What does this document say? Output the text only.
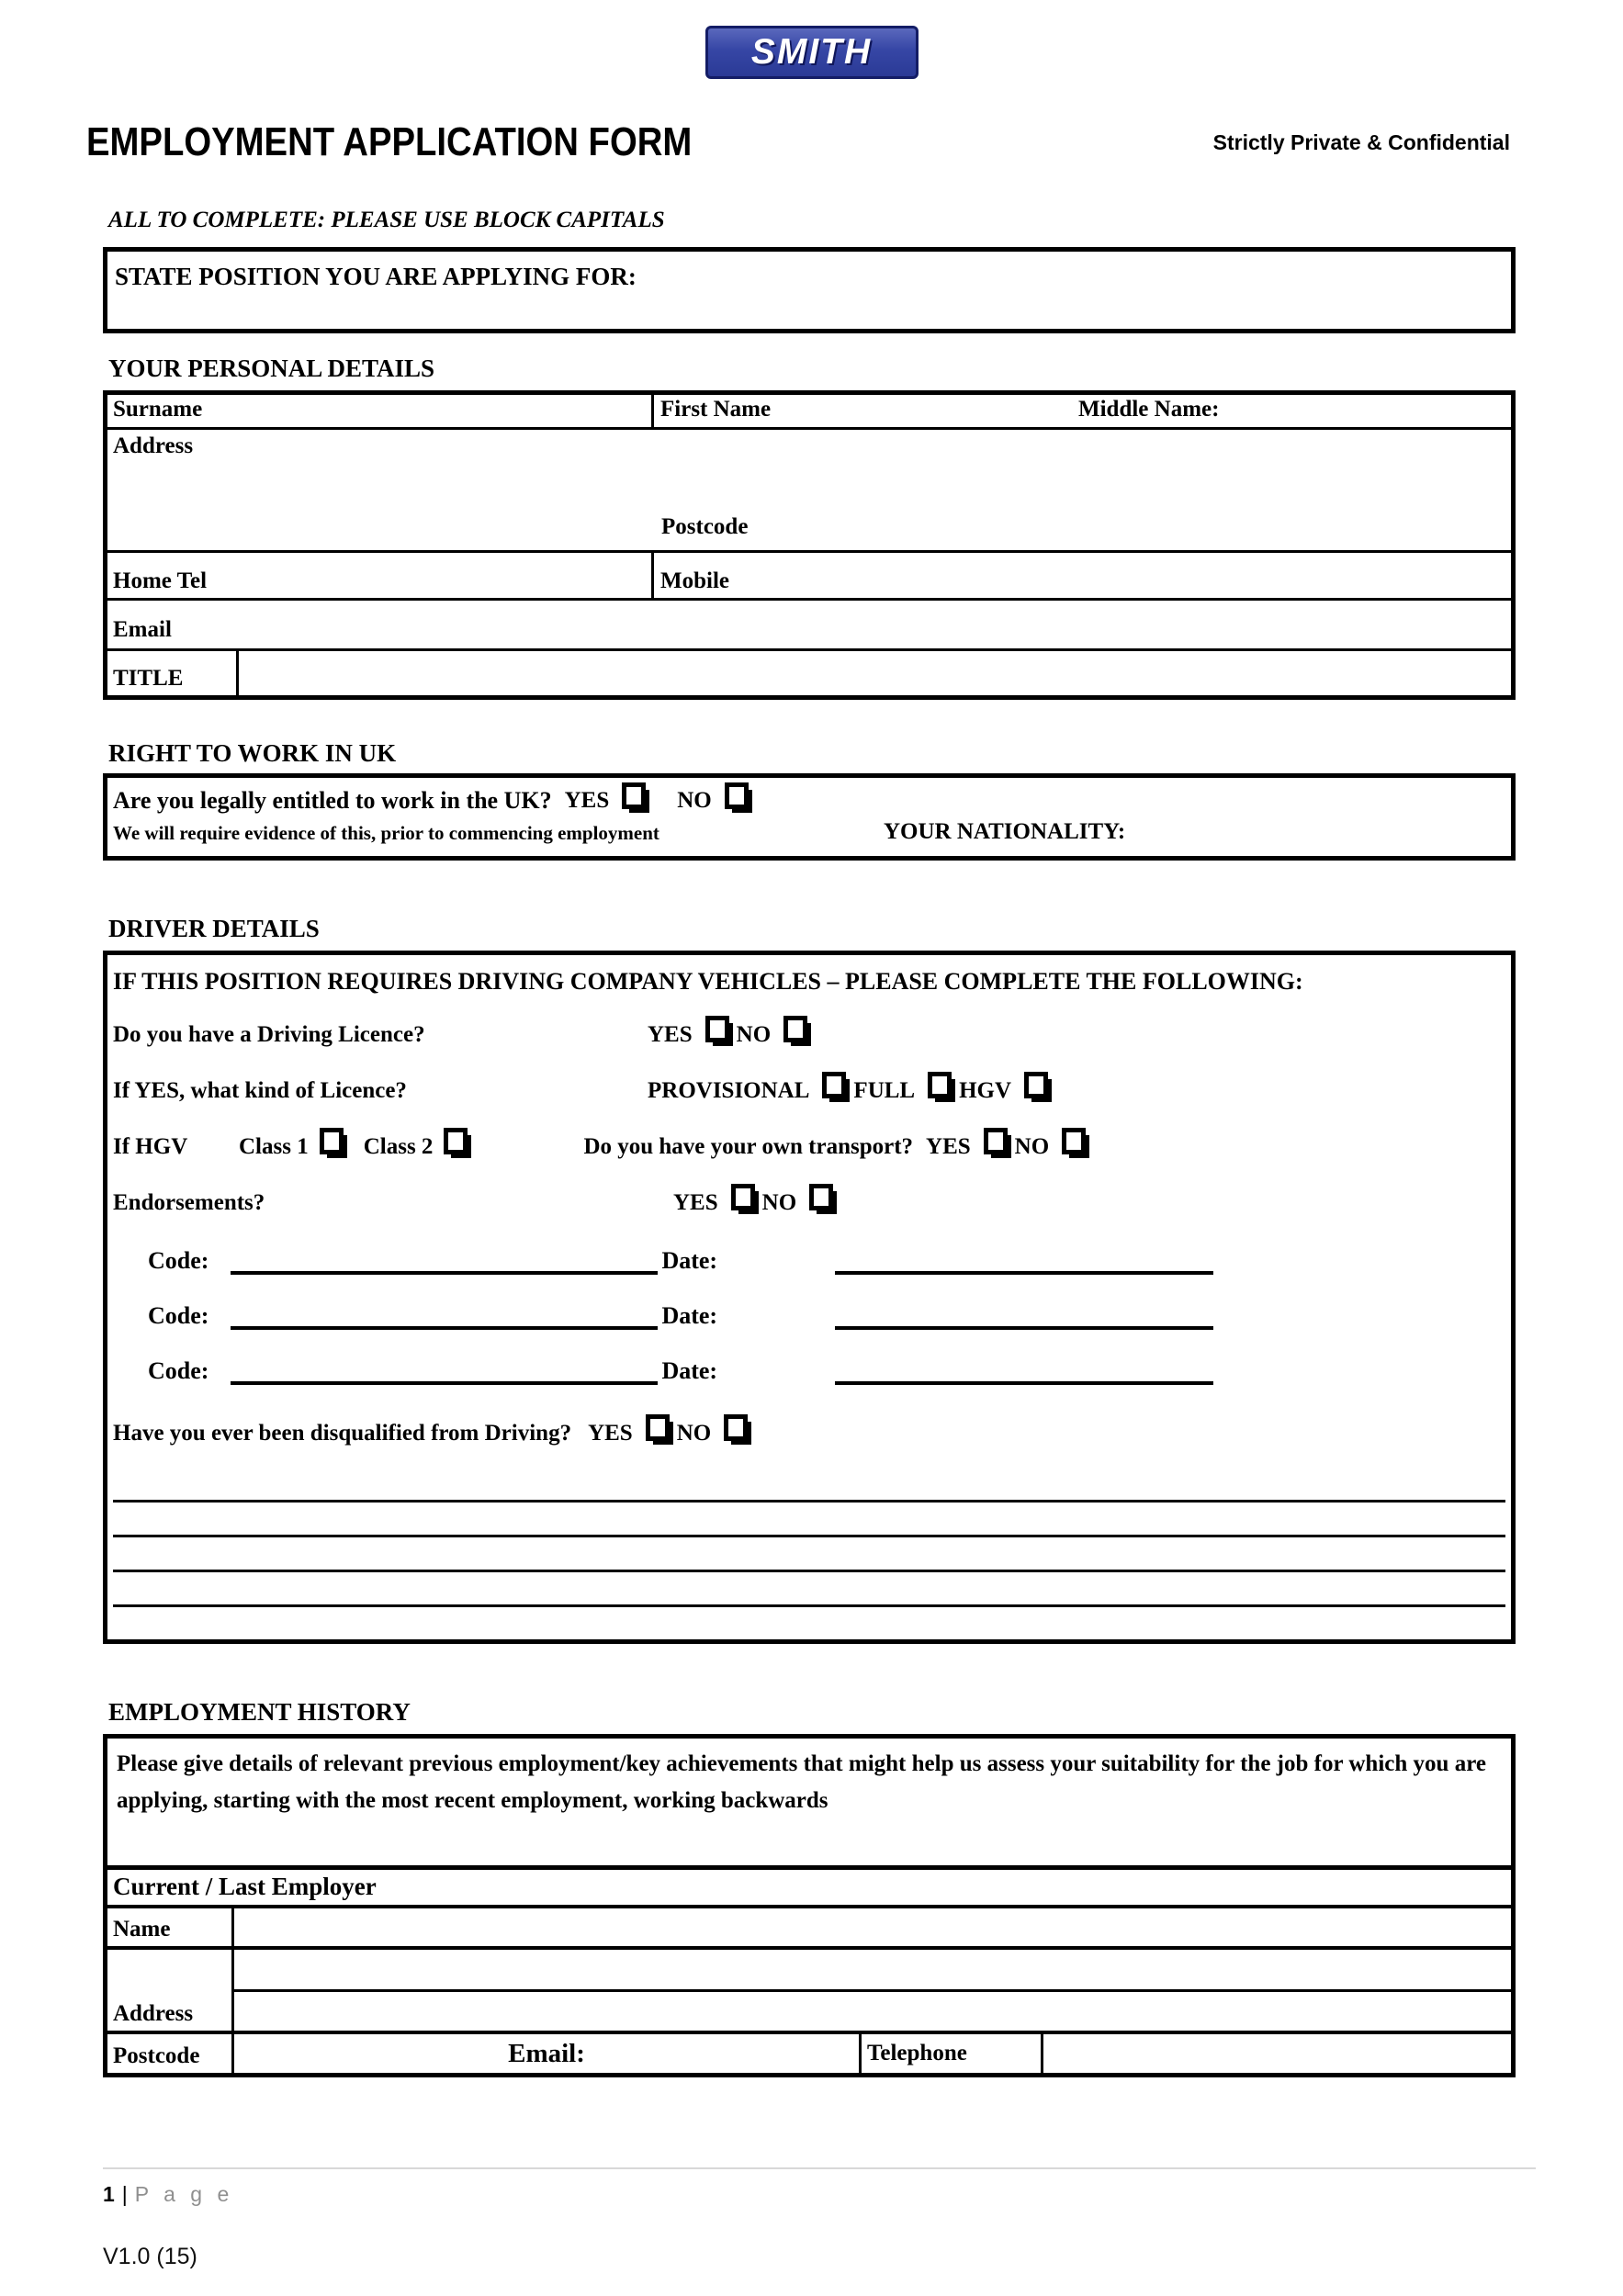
SMITH
EMPLOYMENT APPLICATION FORM	Strictly Private & Confidential
ALL TO COMPLETE: PLEASE USE BLOCK CAPITALS
STATE POSITION YOU ARE APPLYING FOR:
YOUR PERSONAL DETAILS
Surname	First Name	Middle Name:
Address
Postcode
Home Tel	Mobile
Email
TITLE
RIGHT TO WORK IN UK
Are you legally entitled to work in the UK? YES	NO
We will require evidence of this, prior to commencing employment	YOUR NATIONALITY:
DRIVER DETAILS
IF THIS POSITION REQUIRES DRIVING COMPANY VEHICLES – PLEASE COMPLETE THE FOLLOWING:
Do you have a Driving Licence?	YES NO
If YES, what kind of Licence?	PROVISIONAL FULL HGV
If HGV	Class 1 Class 2	Do you have your own transport? YES NO
Endorsements?	YES NO
Code:	Date:
Code:	Date:
Code:	Date:
Have you ever been disqualified from Driving? YES NO
EMPLOYMENT HISTORY
Please give details of relevant previous employment/key achievements that might help us assess your suitability for the job for which you are applying, starting with the most recent employment, working backwards
Current / Last Employer
Name
Address
Postcode	Email:	Telephone
1 | P a g e
V1.0 (15)
